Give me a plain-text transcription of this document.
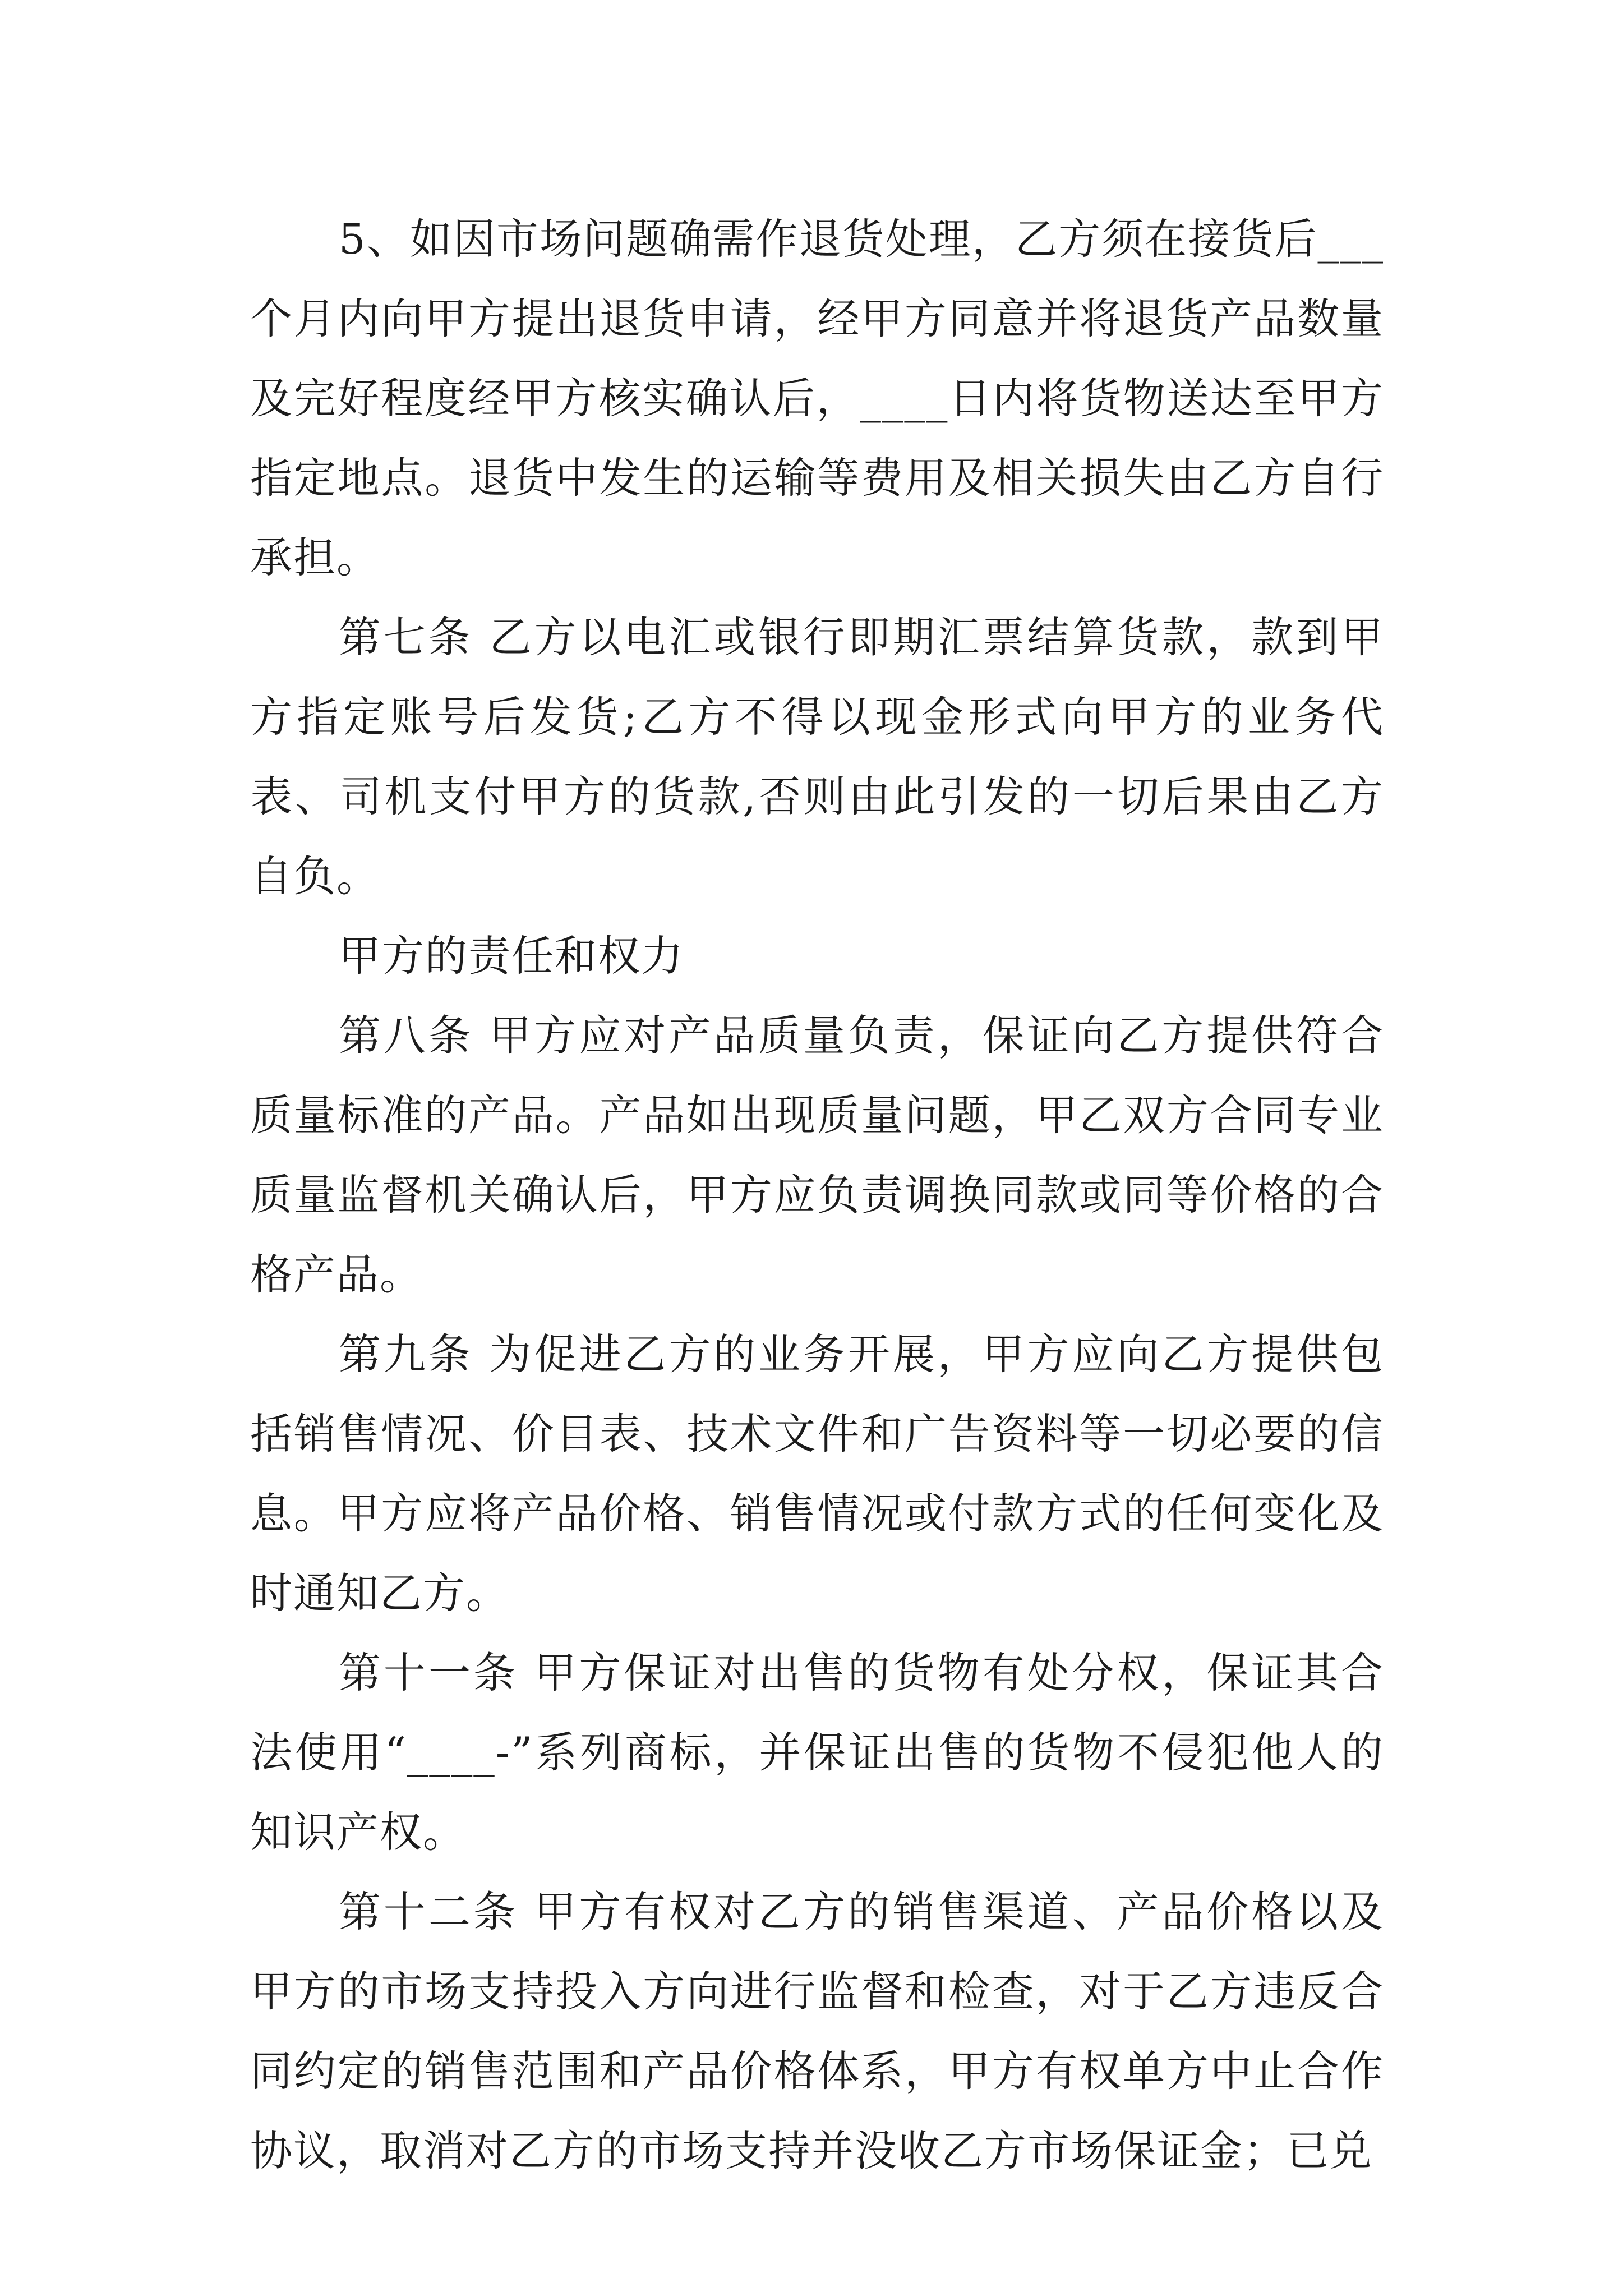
5、如因市场问题确需作退货处理，乙方须在接货后___个月内向甲方提出退货申请，经甲方同意并将退货产品数量及完好程度经甲方核实确认后，____日内将货物送达至甲方指定地点。退货中发生的运输等费用及相关损失由乙方自行承担。

第七条 乙方以电汇或银行即期汇票结算货款，款到甲方指定账号后发货;乙方不得以现金形式向甲方的业务代表、司机支付甲方的货款,否则由此引发的一切后果由乙方自负。

甲方的责任和权力

第八条 甲方应对产品质量负责，保证向乙方提供符合质量标准的产品。产品如出现质量问题，甲乙双方合同专业质量监督机关确认后，甲方应负责调换同款或同等价格的合格产品。

第九条 为促进乙方的业务开展，甲方应向乙方提供包括销售情况、价目表、技术文件和广告资料等一切必要的信息。甲方应将产品价格、销售情况或付款方式的任何变化及时通知乙方。

第十一条 甲方保证对出售的货物有处分权，保证其合法使用“____-”系列商标，并保证出售的货物不侵犯他人的知识产权。

第十二条 甲方有权对乙方的销售渠道、产品价格以及甲方的市场支持投入方向进行监督和检查，对于乙方违反合同约定的销售范围和产品价格体系，甲方有权单方中止合作协议，取消对乙方的市场支持并没收乙方市场保证金；已兑
